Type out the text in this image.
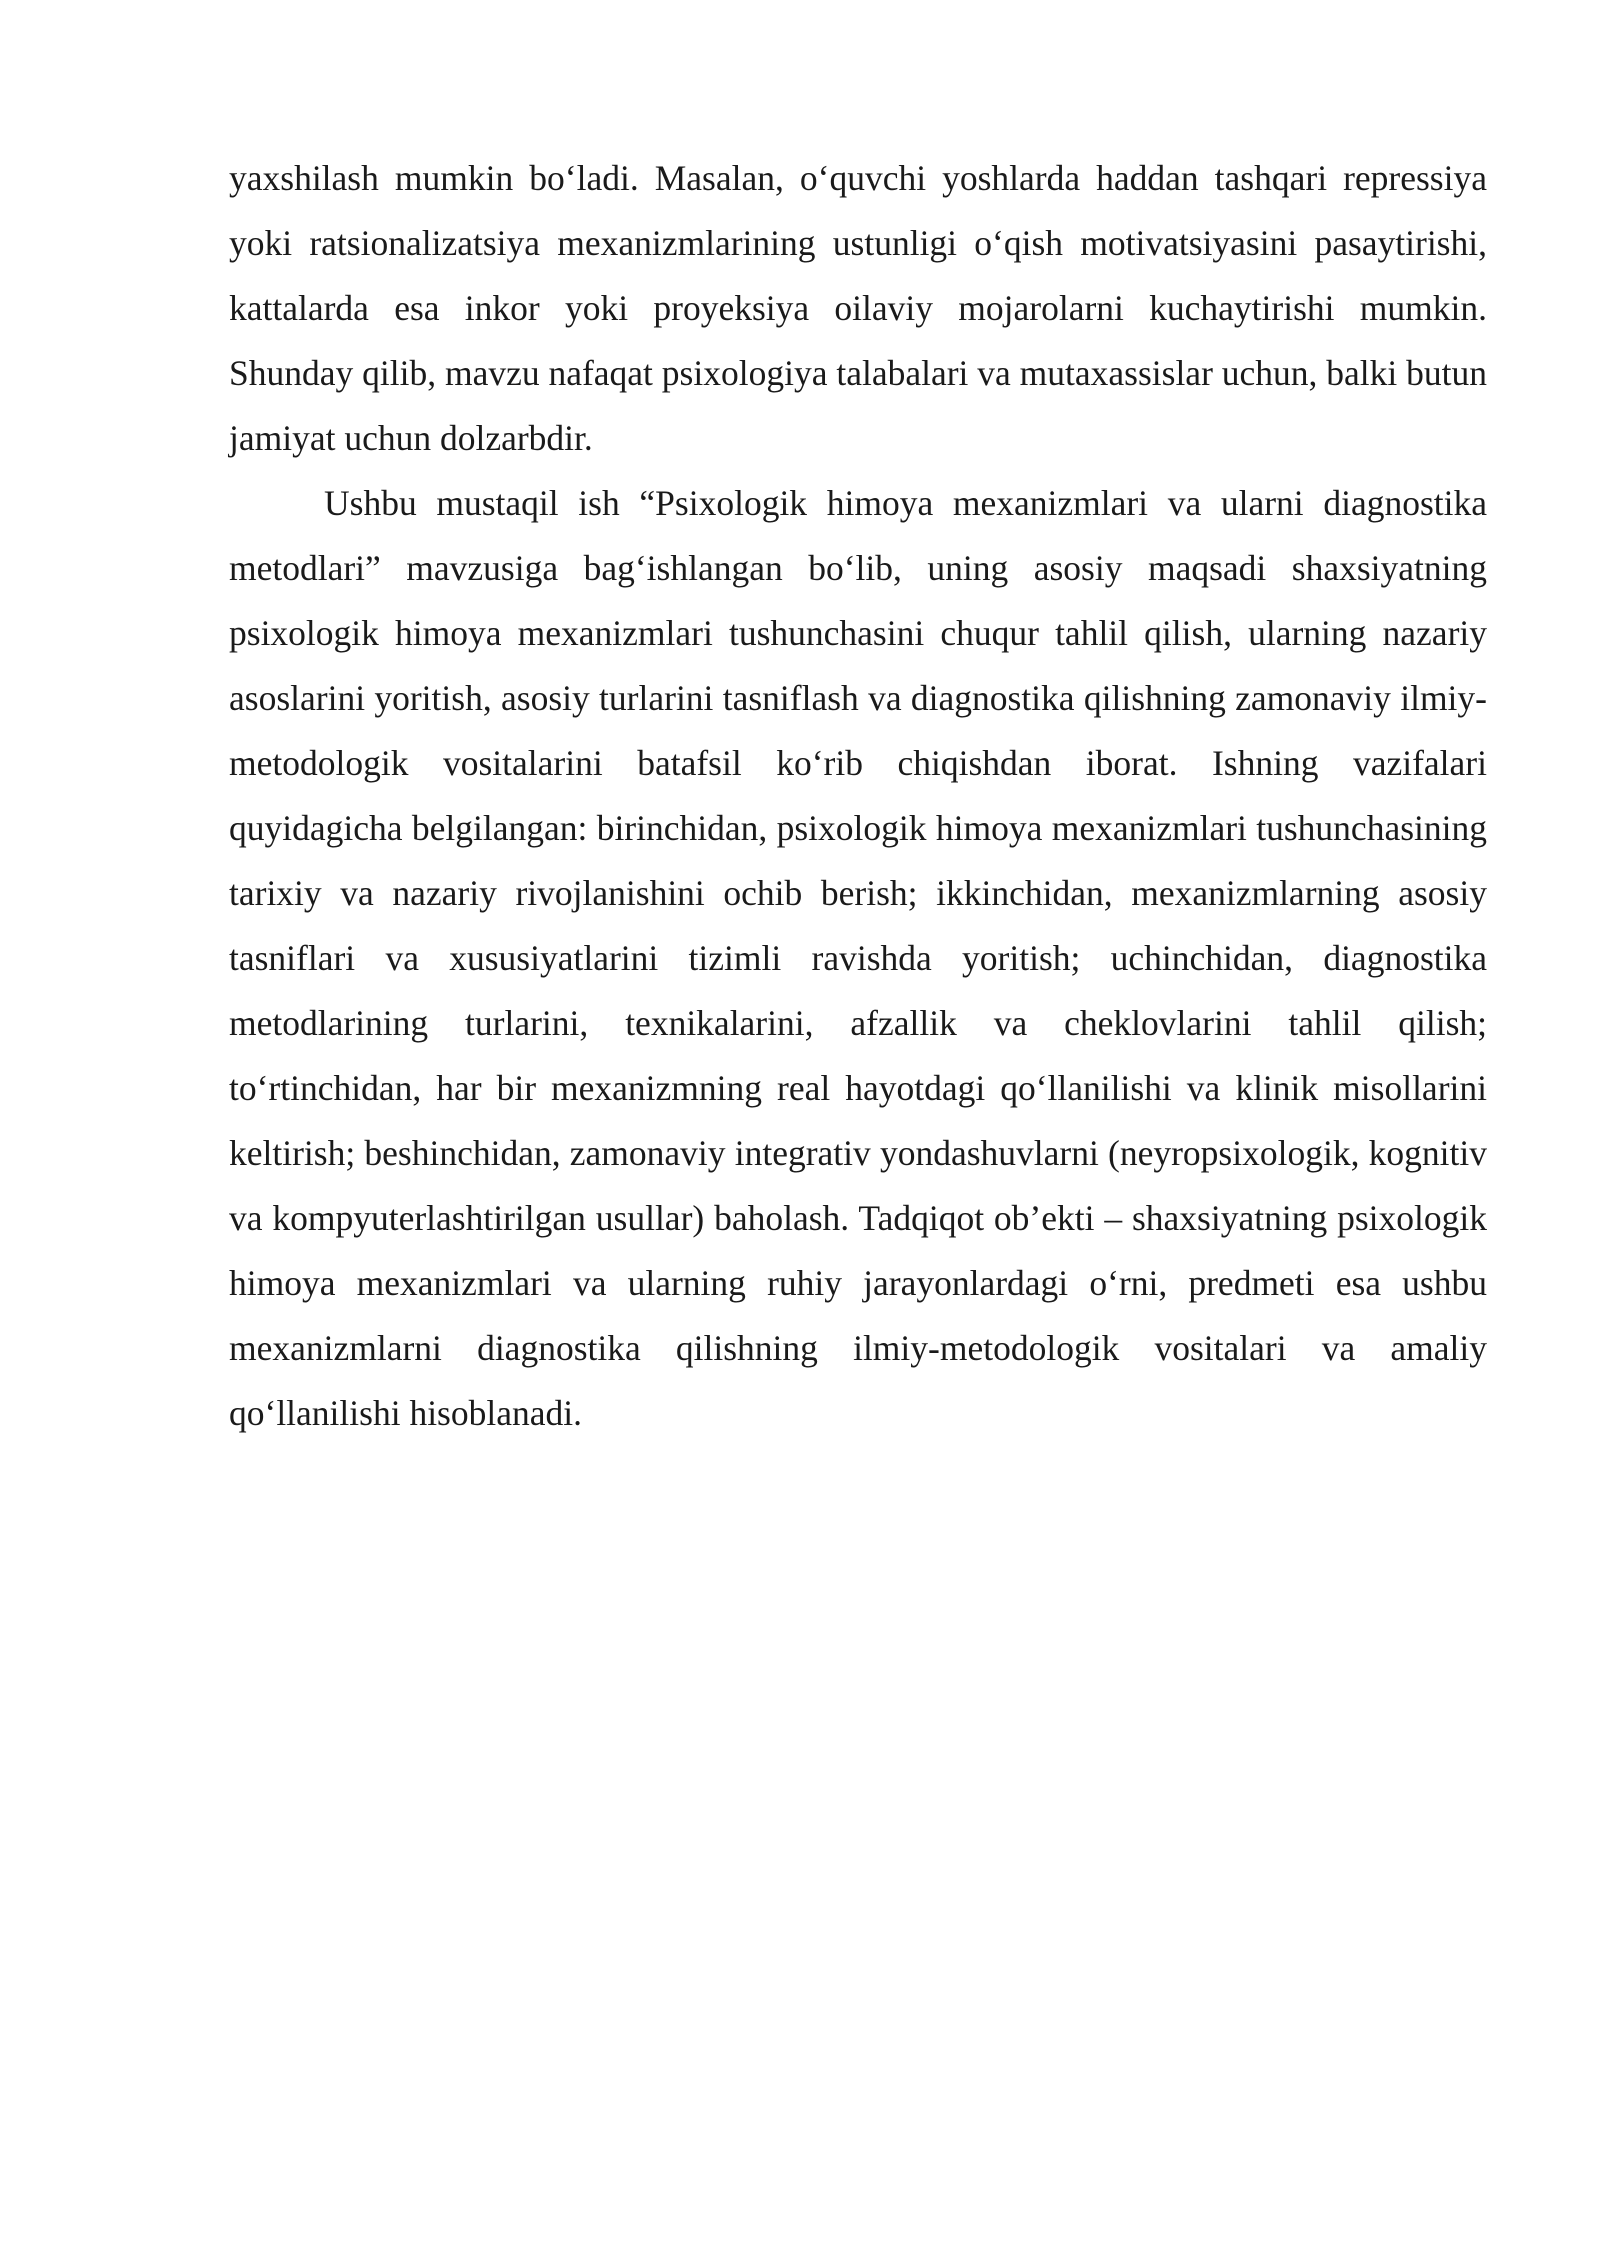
yaxshilash mumkin bo‘ladi. Masalan, o‘quvchi yoshlarda haddan tashqari repressiya yoki ratsionalizatsiya mexanizmlarining ustunligi o‘qish motivatsiyasini pasaytirishi, kattalarda esa inkor yoki proyeksiya oilaviy mojarolarni kuchaytirishi mumkin. Shunday qilib, mavzu nafaqat psixologiya talabalari va mutaxassislar uchun, balki butun jamiyat uchun dolzarbdir.

Ushbu mustaqil ish “Psixologik himoya mexanizmlari va ularni diagnostika metodlari” mavzusiga bag‘ishlangan bo‘lib, uning asosiy maqsadi shaxsiyatning psixologik himoya mexanizmlari tushunchasini chuqur tahlil qilish, ularning nazariy asoslarini yoritish, asosiy turlarini tasniflash va diagnostika qilishning zamonaviy ilmiy-metodologik vositalarini batafsil ko‘rib chiqishdan iborat. Ishning vazifalari quyidagicha belgilangan: birinchidan, psixologik himoya mexanizmlari tushunchasining tarixiy va nazariy rivojlanishini ochib berish; ikkinchidan, mexanizmlarning asosiy tasniflari va xususiyatlarini tizimli ravishda yoritish; uchinchidan, diagnostika metodlarining turlarini, texnikalarini, afzallik va cheklovlarini tahlil qilish; to‘rtinchidan, har bir mexanizmning real hayotdagi qo‘llanilishi va klinik misollarini keltirish; beshinchidan, zamonaviy integrativ yondashuvlarni (neyropsixologik, kognitiv va kompyuterlashtirilgan usullar) baholash. Tadqiqot ob’ekti – shaxsiyatning psixologik himoya mexanizmlari va ularning ruhiy jarayonlardagi o‘rni, predmeti esa ushbu mexanizmlarni diagnostika qilishning ilmiy-metodologik vositalari va amaliy qo‘llanilishi hisoblanadi.
